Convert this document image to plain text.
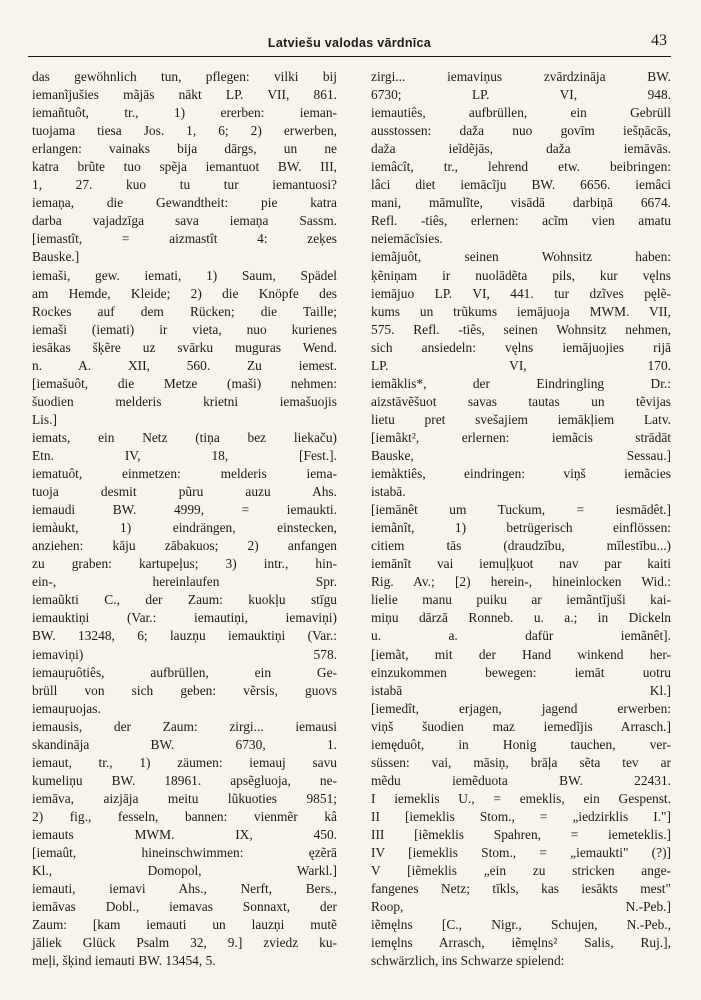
Latviešu valodas vārdnīca	43

das gewöhnlich tun, pflegen: vilki bij

iemanĩjušies mãjās nākt LP. VII, 861.

iemañtuôt, tr., 1) ererben: ieman-

tuojama tiesa Jos. 1, 6; 2) erwerben,

erlangen: vainaks bija dārgs, un ne

katra brũte tuo spẽja iemantuot BW. III,

1, 27. kuo tu tur iemantuosi?

iemaņa, die Gewandtheit: pie katra

darba vajadzīga sava iemaņa Sassm.

[iemastît, = aizmastît 4: zeķes

Bauske.]

iemaši, gew. iemati, 1) Saum, Spädel

am Hemde, Kleide; 2) die Knöpfe des

Rockes auf dem Rücken; die Taille;

iemaši (iemati) ir vieta, nuo kurienes

iesākas šķẽre uz svārku muguras Wend.

n. A. XII, 560. Zu iemest.

[iemašuôt, die Metze (maši) nehmen:

šuodien melderis krietni iemašuojis

Lis.]

iemats, ein Netz (tiņa bez liekaču)

Etn. IV, 18, [Fest.].

iematuôt, einmetzen: melderis iema-

tuoja desmit pũru auzu Ahs.

iemaudi BW. 4999, = iemaukti.

iemàukt, 1) eindrängen, einstecken,

anziehen: kāju zābakuos; 2) anfangen

zu graben: kartupeļus; 3) intr., hin-

ein-, hereinlaufen Spr.

iemaũkti C., der Zaum: kuokļu stīgu

iemauktiņi (Var.: iemautiņi, iemaviņi)

BW. 13248, 6; lauzņu iemauktiņi (Var.:

iemaviņi) 578.

iemauŗuôtiês, aufbrüllen, ein Ge-

brüll von sich geben: vẽrsis, guovs

iemauŗuojas.

iemausis, der Zaum: zirgi... iemausi

skandināja BW. 6730, 1.

iemaut, tr., 1) zäumen: iemauj savu

kumeliņu BW. 18961. apsẽgluoja, ne-

iemāva, aizjāja meitu lũkuoties 9851;

2) fig., fesseln, bannen: vienmẽr kâ

iemauts MWM. IX, 450.

[iemaût, hineinschwimmen: ęzẽrā

Kl., Domopol, Warkl.]

iemauti, iemavi Ahs., Nerft, Bers.,

iemāvas Dobl., iemavas Sonnaxt, der

Zaum: [kam iemauti un lauzņi mutẽ

jāliek Glück Psalm 32, 9.] zviedz ku-

meļi, šķind iemauti BW. 13454, 5.

zirgi... iemaviņus zvārdzināja BW.

6730; LP. VI, 948.

iemautiês, aufbrüllen, ein Gebrüll

ausstossen: daža nuo govīm iešņācās,

daža ieĩdẽjās, daža iemāvās.

iemâcît, tr., lehrend etw. beibringen:

lâci diet iemācĩju BW. 6656. iemâci

mani, māmulĩte, visādā darbiņā 6674.

Refl. -tiês, erlernen: acĩm vien amatu

neiemācĩsies.

iemãjuôt, seinen Wohnsitz haben:

ķẽniņam ir nuolādẽta pils, kur vęlns

iemājuo LP. VI, 441. tur dzĩves pęlẽ-

kums un trũkums iemājuoja MWM. VII,

575. Refl. -tiês, seinen Wohnsitz nehmen,

sich ansiedeln: vęlns iemājuojies rijā

LP. VI, 170.

iemãklis*, der Eindringling Dr.:

aizstāvẽšuot savas tautas un tẽvijas

lietu pret svešajiem iemākļiem Latv.

[iemãkt², erlernen: iemãcis strādāt

Bauske, Sessau.]

iemàktiês, eindringen: viņš iemãcies

istabā.

[iemānêt um Tuckum, = iesmādêt.]

iemãnît, 1) betrügerisch einflössen:

citiem tās (draudzību, mīlestību...)

iemānĩt vai iemuļķuot nav par kaiti

Rig. Av.; [2) herein-, hineinlocken Wid.:

lielie manu puiku ar iemãntĩjuši kai-

miņu dārzā Ronneb. u. a.; in Dickeln

u. a. dafür iemãnêt].

[iemãt, mit der Hand winkend her-

einzukommen bewegen: iemāt uotru

istabā Kl.]

[iemedît, erjagen, jagend erwerben:

viņš šuodien maz iemedĩjis Arrasch.]

iemęduôt, in Honig tauchen, ver-

süssen: vai, māsiņ, brāļa sẽta tev ar

mẽdu iemẽduota BW. 22431.

I iemeklis U., = emeklis, ein Gespenst.

II [iemeklis Stom., = „iedzirklis I."]

III [iẽmeklis Spahren, = iemeteklis.]

IV [iemeklis Stom., = „iemaukti" (?)]

V [iẽmeklis „ein zu stricken ange-

fangenes Netz; tīkls, kas iesākts mest"

Roop, N.-Peb.]

iẽmęlns [C., Nigr., Schujen, N.-Peb.,

iemęlns Arrasch, iẽmęlns² Salis, Ruj.],

schwärzlich, ins Schwarze spielend:
